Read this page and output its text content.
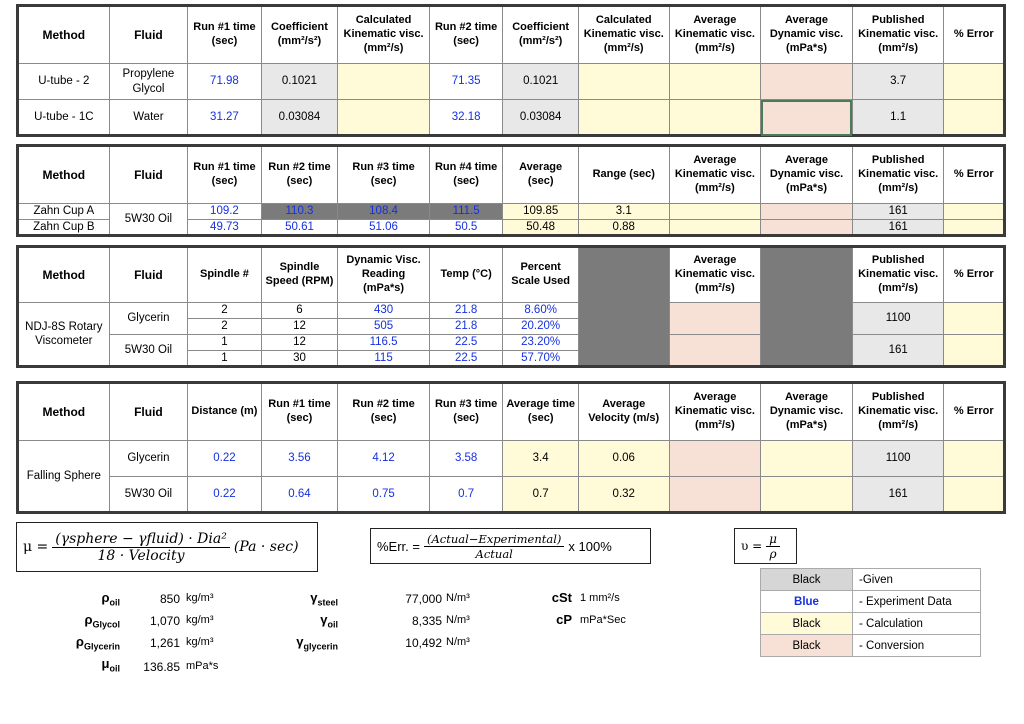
Method	Fluid	Run #1 time (sec)	Coefficient (mm²/s²)	Calculated Kinematic visc. (mm²/s)	Run #2 time (sec)	Coefficient (mm²/s²)	Calculated Kinematic visc. (mm²/s)	Average Kinematic visc. (mm²/s)	Average Dynamic visc. (mPa*s)	Published Kinematic visc. (mm²/s)	% Error
U-tube - 2	Propylene Glycol	71.98	0.1021		71.35	0.1021				3.7	
U-tube - 1C	Water	31.27	0.03084		32.18	0.03084				1.1	
Method	Fluid	Run #1 time (sec)	Run #2 time (sec)	Run #3 time (sec)	Run #4 time (sec)	Average (sec)	Range (sec)	Average Kinematic visc. (mm²/s)	Average Dynamic visc. (mPa*s)	Published Kinematic visc. (mm²/s)	% Error
Zahn Cup A	5W30 Oil	109.2	110.3	108.4	111.5	109.85	3.1			161	
Zahn Cup B		49.73	50.61	51.06	50.5	50.48	0.88			161	
Method	Fluid	Spindle #	Spindle Speed (RPM)	Dynamic Visc. Reading (mPa*s)	Temp (°C)	Percent Scale Used		Average Kinematic visc. (mm²/s)		Published Kinematic visc. (mm²/s)	% Error
NDJ-8S Rotary Viscometer	Glycerin	2	6	430	21.8	8.60%				1100	
		2	12	505	21.8	20.20%					
	5W30 Oil	1	12	116.5	22.5	23.20%				161	
		1	30	115	22.5	57.70%					
Method	Fluid	Distance (m)	Run #1 time (sec)	Run #2 time (sec)	Run #3 time (sec)	Average time (sec)	Average Velocity (m/s)	Average Kinematic visc. (mm²/s)	Average Dynamic visc. (mPa*s)	Published Kinematic visc. (mm²/s)	% Error
Falling Sphere	Glycerin	0.22	3.56	4.12	3.58	3.4	0.06			1100	
	5W30 Oil	0.22	0.64	0.75	0.7	0.7	0.32			161	
$\mu = \frac{\text{(γsphere − γfluid) · Dia²}}{\text{18 · Velocity}} (Pa \cdot \sec)$	%Err. = $\frac{\text{(Actual−Experimental)}}{\text{Actual}}$ x 100%	$\upsilon = \frac{\mu}{\rho}$
$\rho_{oil}$	850 kg/m³
$\rho_{Glycol}$	1,070 kg/m³
$\rho_{Glycerin}$	1,261 kg/m³
$\mu_{oil}$	136.85 mPa*s
$\gamma_{steel}$	77,000 N/m³
$\gamma_{oil}$	8,335 N/m³
$\gamma_{glycerin}$	10,492 N/m³
cSt 1 mm²/s
cP mPa*Sec
Black	-Given
Blue	- Experiment Data
Black	- Calculation
Black	- Conversion
